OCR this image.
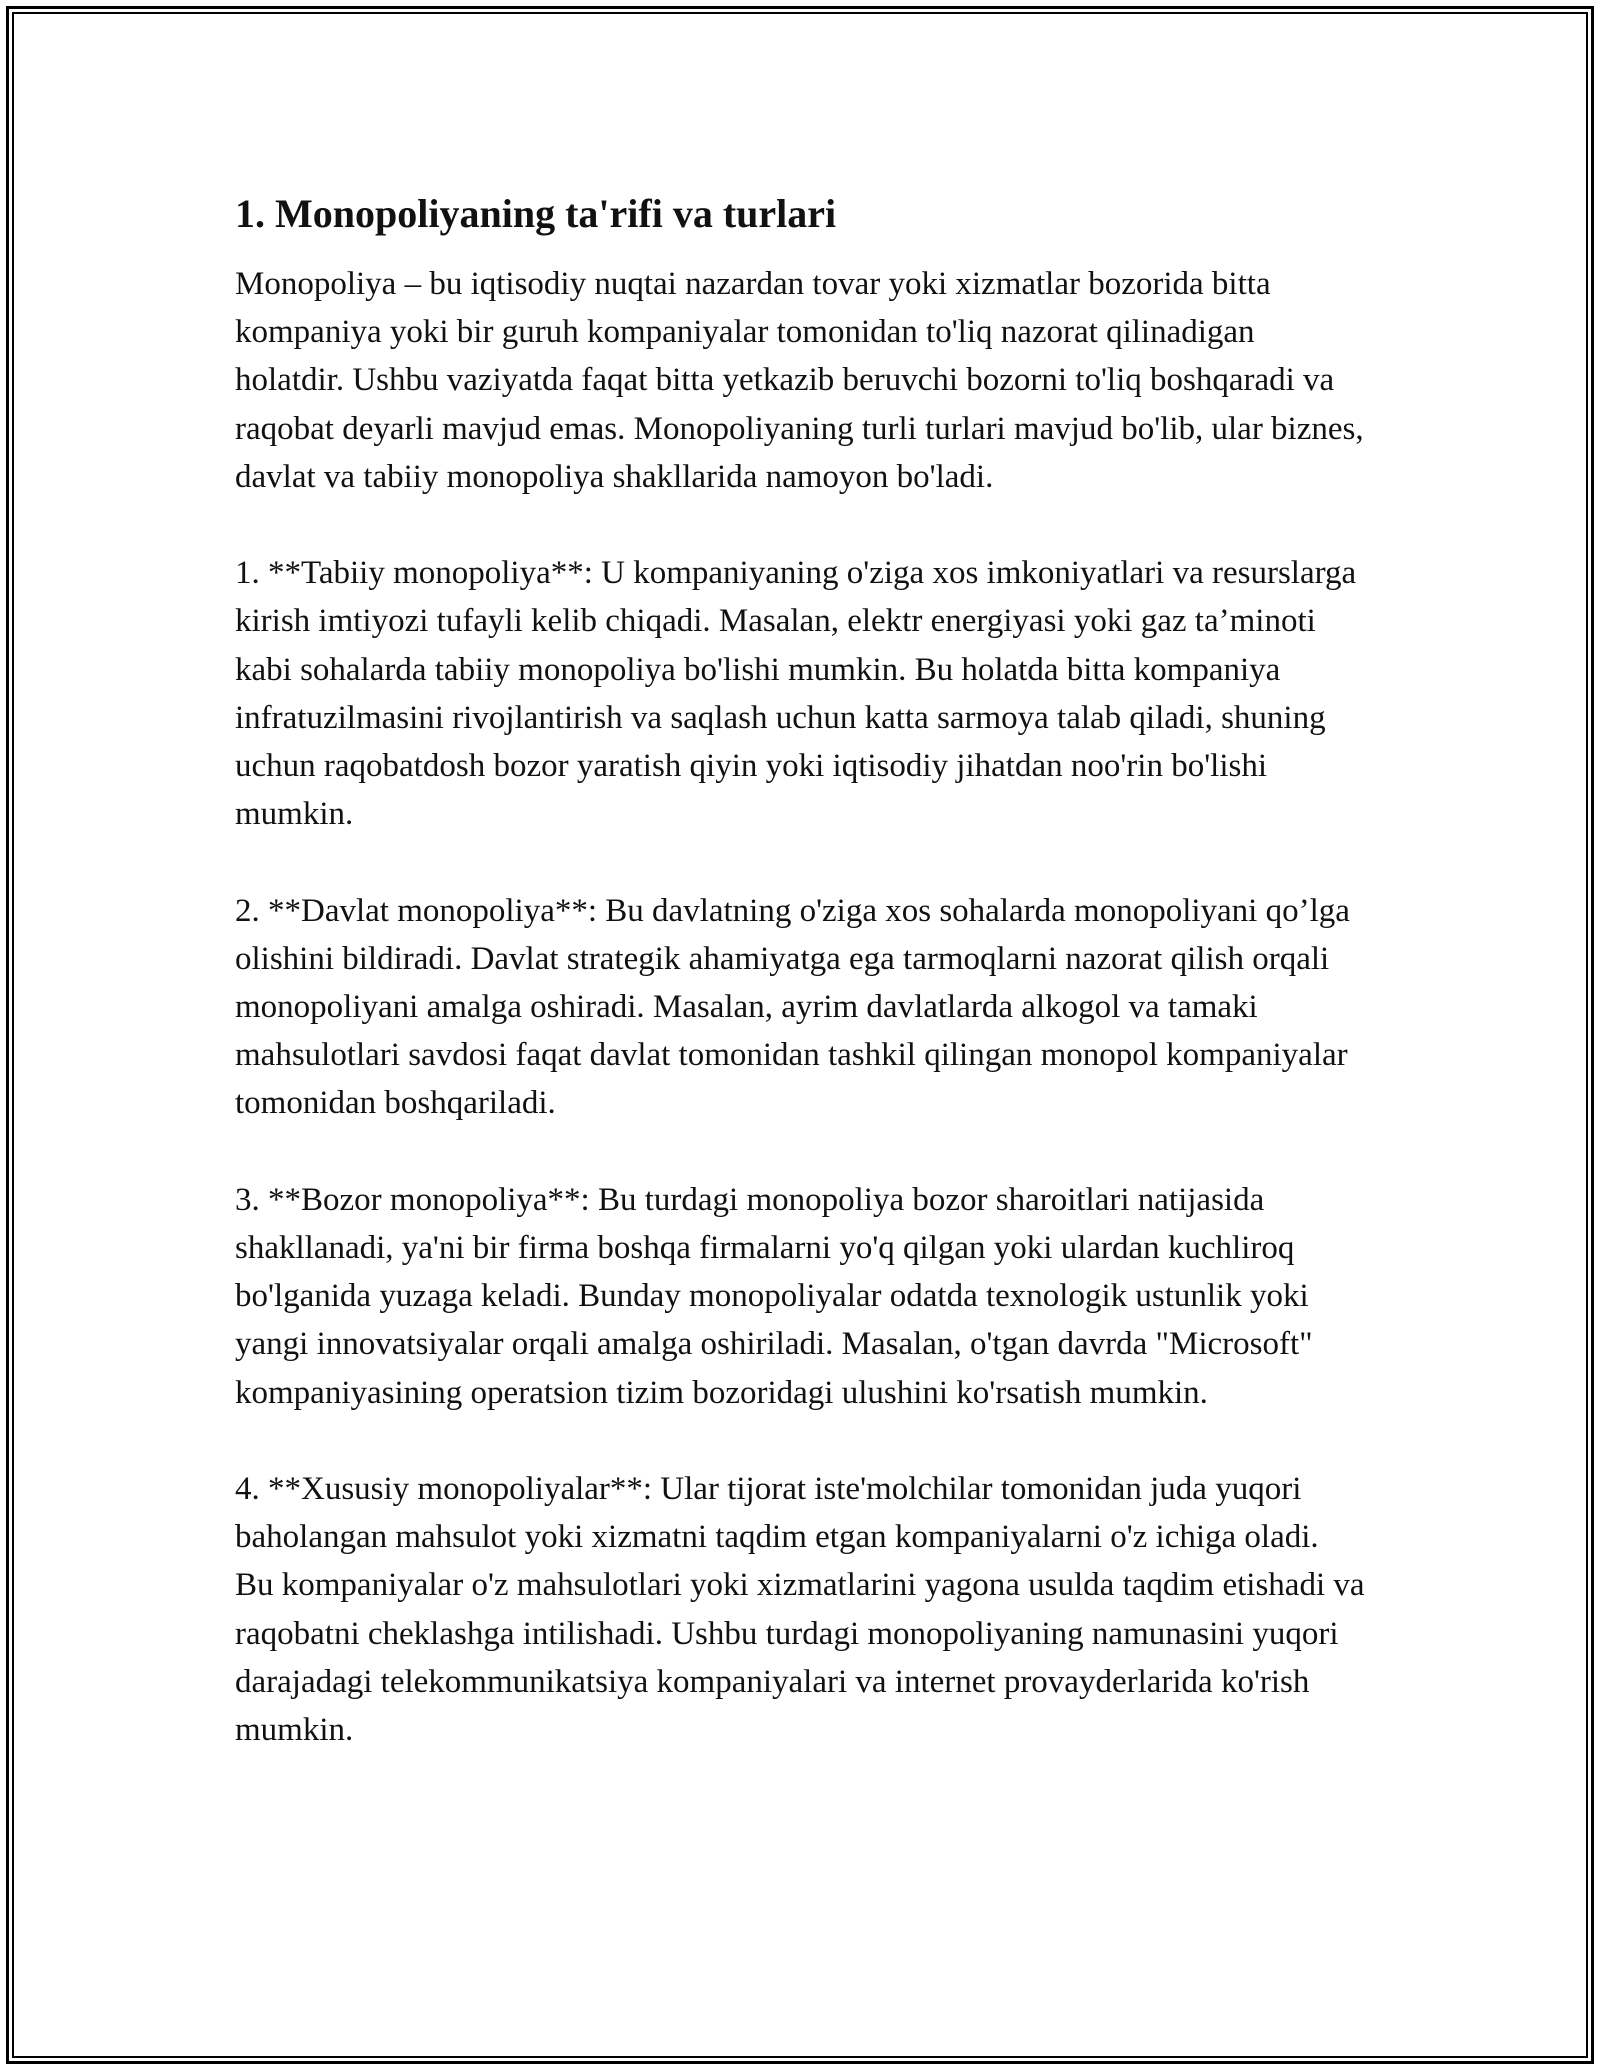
1. Monopoliyaning ta'rifi va turlari

Monopoliya – bu iqtisodiy nuqtai nazardan tovar yoki xizmatlar bozorida bitta kompaniya yoki bir guruh kompaniyalar tomonidan to'liq nazorat qilinadigan holatdir. Ushbu vaziyatda faqat bitta yetkazib beruvchi bozorni to'liq boshqaradi va raqobat deyarli mavjud emas. Monopoliyaning turli turlari mavjud bo'lib, ular biznes, davlat va tabiiy monopoliya shakllarida namoyon bo'ladi.

1. **Tabiiy monopoliya**: U kompaniyaning o'ziga xos imkoniyatlari va resurslarga kirish imtiyozi tufayli kelib chiqadi. Masalan, elektr energiyasi yoki gaz ta’minoti kabi sohalarda tabiiy monopoliya bo'lishi mumkin. Bu holatda bitta kompaniya infratuzilmasini rivojlantirish va saqlash uchun katta sarmoya talab qiladi, shuning uchun raqobatdosh bozor yaratish qiyin yoki iqtisodiy jihatdan noo'rin bo'lishi mumkin.

2. **Davlat monopoliya**: Bu davlatning o'ziga xos sohalarda monopoliyani qo’lga olishini bildiradi. Davlat strategik ahamiyatga ega tarmoqlarni nazorat qilish orqali monopoliyani amalga oshiradi. Masalan, ayrim davlatlarda alkogol va tamaki mahsulotlari savdosi faqat davlat tomonidan tashkil qilingan monopol kompaniyalar tomonidan boshqariladi.

3. **Bozor monopoliya**: Bu turdagi monopoliya bozor sharoitlari natijasida shakllanadi, ya'ni bir firma boshqa firmalarni yo'q qilgan yoki ulardan kuchliroq bo'lganida yuzaga keladi. Bunday monopoliyalar odatda texnologik ustunlik yoki yangi innovatsiyalar orqali amalga oshiriladi. Masalan, o'tgan davrda "Microsoft" kompaniyasining operatsion tizim bozoridagi ulushini ko'rsatish mumkin.

4. **Xususiy monopoliyalar**: Ular tijorat iste'molchilar tomonidan juda yuqori baholangan mahsulot yoki xizmatni taqdim etgan kompaniyalarni o'z ichiga oladi. Bu kompaniyalar o'z mahsulotlari yoki xizmatlarini yagona usulda taqdim etishadi va raqobatni cheklashga intilishadi. Ushbu turdagi monopoliyaning namunasini yuqori darajadagi telekommunikatsiya kompaniyalari va internet provayderlarida ko'rish mumkin.
